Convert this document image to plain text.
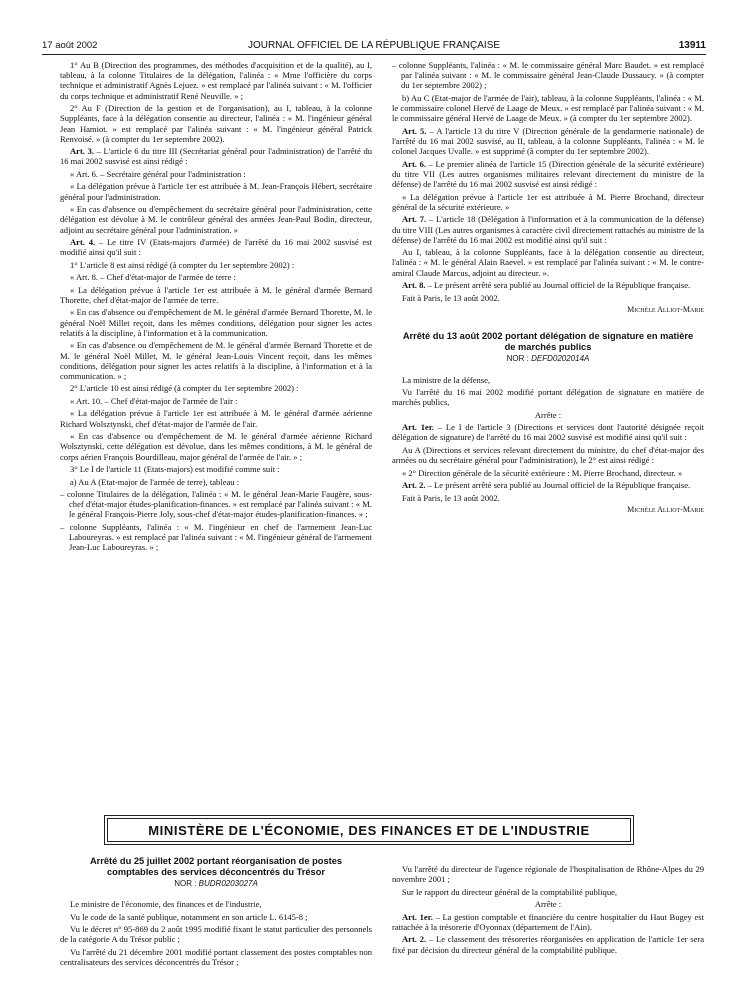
17 août 2002	JOURNAL OFFICIEL DE LA RÉPUBLIQUE FRANÇAISE	13911

1° Au B (Direction des programmes, des méthodes d'acquisition et de la qualité), au I, tableau, à la colonne Titulaires de la délégation, l'alinéa : « Mme l'officière du corps technique et administratif Agnès Lejuez. » est remplacé par l'alinéa suivant : « M. l'officier du corps technique et administratif René Neuville. » ;

2° Au F (Direction de la gestion et de l'organisation), au I, tableau, à la colonne Suppléants, face à la délégation consentie au directeur, l'alinéa : « M. l'ingénieur général Jean Hamiot. » est remplacé par l'alinéa suivant : « M. l'ingénieur général Patrick Renvoisé. » (à compter du 1er septembre 2002).

Art. 3. – L'article 6 du titre III (Secrétariat général pour l'administration) de l'arrêté du 16 mai 2002 susvisé est ainsi rédigé :

« Art. 6. – Secrétaire général pour l'administration :

« La délégation prévue à l'article 1er est attribuée à M. Jean-François Hébert, secrétaire général pour l'administration.

« En cas d'absence ou d'empêchement du secrétaire général pour l'administration, cette délégation est dévolue à M. le contrôleur général des armées Jean-Paul Bodin, directeur, adjoint au secrétaire général pour l'administration. »

Art. 4. – Le titre IV (Etats-majors d'armée) de l'arrêté du 16 mai 2002 susvisé est modifié ainsi qu'il suit :

1° L'article 8 est ainsi rédigé (à compter du 1er septembre 2002) :

« Art. 8. – Chef d'état-major de l'armée de terre :

« La délégation prévue à l'article 1er est attribuée à M. le général d'armée Bernard Thorette, chef d'état-major de l'armée de terre.

« En cas d'absence ou d'empêchement de M. le général d'armée Bernard Thorette, M. le général Noël Millet reçoit, dans les mêmes conditions, délégation pour signer les actes relatifs à la discipline, à l'information et à la communication.

« En cas d'absence ou d'empêchement de M. le général d'armée Bernard Thorette et de M. le général Noël Millet, M. le général Jean-Louis Vincent reçoit, dans les mêmes conditions, délégation pour signer les actes relatifs à la discipline, à l'information et à la communication. » ;

2° L'article 10 est ainsi rédigé (à compter du 1er septembre 2002) :

« Art. 10. – Chef d'état-major de l'armée de l'air :

« La délégation prévue à l'article 1er est attribuée à M. le général d'armée aérienne Richard Wolsztynski, chef d'état-major de l'armée de l'air.

« En cas d'absence ou d'empêchement de M. le général d'armée aérienne Richard Wolsztynski, cette délégation est dévolue, dans les mêmes conditions, à M. le général de corps aérien François Bourdilleau, major général de l'armée de l'air. » ;

3° Le I de l'article 11 (Etats-majors) est modifié comme suit :

a) Au A (Etat-major de l'armée de terre), tableau :

– colonne Titulaires de la délégation, l'alinéa : « M. le général Jean-Marie Faugère, sous-chef d'état-major études-planification-finances. » est remplacé par l'alinéa suivant : « M. le général François-Pierre Joly, sous-chef d'état-major études-planification-finances. » ;

– colonne Suppléants, l'alinéa : « M. l'ingénieur en chef de l'armement Jean-Luc Laboureyras. » est remplacé par l'alinéa suivant : « M. l'ingénieur général de l'armement Jean-Luc Laboureyras. » ;

– colonne Suppléants, l'alinéa : « M. le commissaire général Marc Baudet. » est remplacé par l'alinéa suivant : « M. le commissaire général Jean-Claude Dussaucy. » (à compter du 1er septembre 2002) ;

b) Au C (Etat-major de l'armée de l'air), tableau, à la colonne Suppléants, l'alinéa : « M. le commissaire colonel Hervé de Laage de Meux. » est remplacé par l'alinéa suivant : « M. le commissaire général Hervé de Laage de Meux. » (à compter du 1er septembre 2002).

Art. 5. – A l'article 13 du titre V (Direction générale de la gendarmerie nationale) de l'arrêté du 16 mai 2002 susvisé, au II, tableau, à la colonne Suppléants, l'alinéa : « M. le colonel Jacques Uvalle. » est supprimé (à compter du 1er septembre 2002).

Art. 6. – Le premier alinéa de l'article 15 (Direction générale de la sécurité extérieure) du titre VII (Les autres organismes militaires relevant directement du ministre de la défense) de l'arrêté du 16 mai 2002 susvisé est ainsi rédigé :

« La délégation prévue à l'article 1er est attribuée à M. Pierre Brochand, directeur général de la sécurité extérieure. »

Art. 7. – L'article 18 (Délégation à l'information et à la communication de la défense) du titre VIII (Les autres organismes à caractère civil directement rattachés au ministre de la défense) de l'arrêté du 16 mai 2002 est modifié ainsi qu'il suit :

Au I, tableau, à la colonne Suppléants, face à la délégation consentie au directeur, l'alinéa : « M. le général Alain Raevel. » est remplacé par l'alinéa suivant : « M. le contre-amiral Claude Marcus, adjoint au directeur. ».

Art. 8. – Le présent arrêté sera publié au Journal officiel de la République française.

Fait à Paris, le 13 août 2002.

Michèle Alliot-Marie
Arrêté du 13 août 2002 portant délégation de signature en matière de marchés publics
NOR : DEFD0202014A

La ministre de la défense,

Vu l'arrêté du 16 mai 2002 modifié portant délégation de signature en matière de marchés publics,

Arrête :

Art. 1er. – Le I de l'article 3 (Directions et services dont l'autorité désignée reçoit délégation de signature) de l'arrêté du 16 mai 2002 susvisé est modifié ainsi qu'il suit :

Au A (Directions et services relevant directement du ministre, du chef d'état-major des armées ou du secrétaire général pour l'administration), le 2° est ainsi rédigé :

« 2° Direction générale de la sécurité extérieure : M. Pierre Brochand, directeur. »

Art. 2. – Le présent arrêté sera publié au Journal officiel de la République française.

Fait à Paris, le 13 août 2002.

Michèle Alliot-Marie
MINISTÈRE DE L'ÉCONOMIE, DES FINANCES ET DE L'INDUSTRIE
Arrêté du 25 juillet 2002 portant réorganisation de postes comptables des services déconcentrés du Trésor
NOR : BUDR0203027A

Le ministre de l'économie, des finances et de l'industrie,

Vu le code de la santé publique, notamment en son article L. 6145-8 ;

Vu le décret n° 95-869 du 2 août 1995 modifié fixant le statut particulier des personnels de la catégorie A du Trésor public ;

Vu l'arrêté du 21 décembre 2001 modifié portant classement des postes comptables non centralisateurs des services déconcentrés du Trésor ;

Vu l'arrêté du directeur de l'agence régionale de l'hospitalisation de Rhône-Alpes du 29 novembre 2001 ;

Sur le rapport du directeur général de la comptabilité publique,

Arrête :

Art. 1er. – La gestion comptable et financière du centre hospitalier du Haut Bugey est rattachée à la trésorerie d'Oyonnax (département de l'Ain).

Art. 2. – Le classement des trésoreries réorganisées en application de l'article 1er sera fixé par décision du directeur général de la comptabilité publique.
